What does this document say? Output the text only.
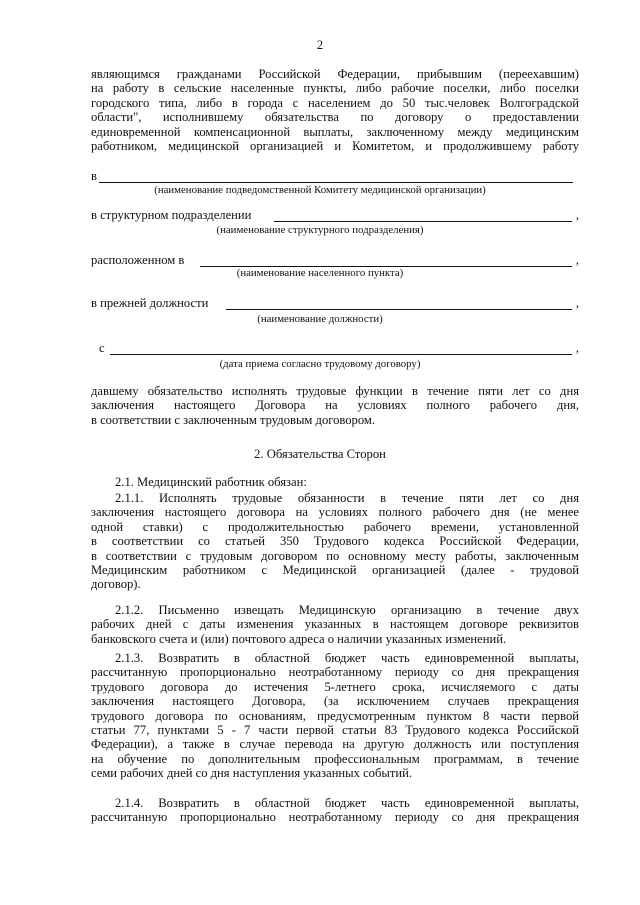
2
являющимся гражданами Российской Федерации, прибывшим (переехавшим)
на работу в сельские населенные пункты, либо рабочие поселки, либо поселки
городского типа, либо в города с населением до 50 тыс.человек Волгоградской
области", исполнившему обязательства по договору о предоставлении
единовременной компенсационной выплаты, заключенному между медицинским
работником, медицинской организацией и Комитетом, и продолжившему работу
в
(наименование подведомственной Комитету медицинской организации)
в структурном подразделении	,
(наименование структурного подразделения)
расположенном в	,
(наименование населенного пункта)
в прежней должности	,
(наименование должности)
с	,
(дата приема согласно трудовому договору)
давшему обязательство исполнять трудовые функции в течение пяти лет со дня
заключения настоящего Договора на условиях полного рабочего дня,
в соответствии с заключенным трудовым договором.
2. Обязательства Сторон
2.1. Медицинский работник обязан:
2.1.1. Исполнять трудовые обязанности в течение пяти лет со дня
заключения настоящего договора на условиях полного рабочего дня (не менее
одной ставки) с продолжительностью рабочего времени, установленной
в соответствии со статьей 350 Трудового кодекса Российской Федерации,
в соответствии с трудовым договором по основному месту работы, заключенным
Медицинским работником с Медицинской организацией (далее - трудовой
договор).
2.1.2. Письменно извещать Медицинскую организацию в течение двух
рабочих дней с даты изменения указанных в настоящем договоре реквизитов
банковского счета и (или) почтового адреса о наличии указанных изменений.
2.1.3. Возвратить в областной бюджет часть единовременной выплаты,
рассчитанную пропорционально неотработанному периоду со дня прекращения
трудового договора до истечения 5-летнего срока, исчисляемого с даты
заключения настоящего Договора, (за исключением случаев прекращения
трудового договора по основаниям, предусмотренным пунктом 8 части первой
статьи 77, пунктами 5 - 7 части первой статьи 83 Трудового кодекса Российской
Федерации), а также в случае перевода на другую должность или поступления
на обучение по дополнительным профессиональным программам, в течение
семи рабочих дней со дня наступления указанных событий.
2.1.4. Возвратить в областной бюджет часть единовременной выплаты,
рассчитанную пропорционально неотработанному периоду со дня прекращения
